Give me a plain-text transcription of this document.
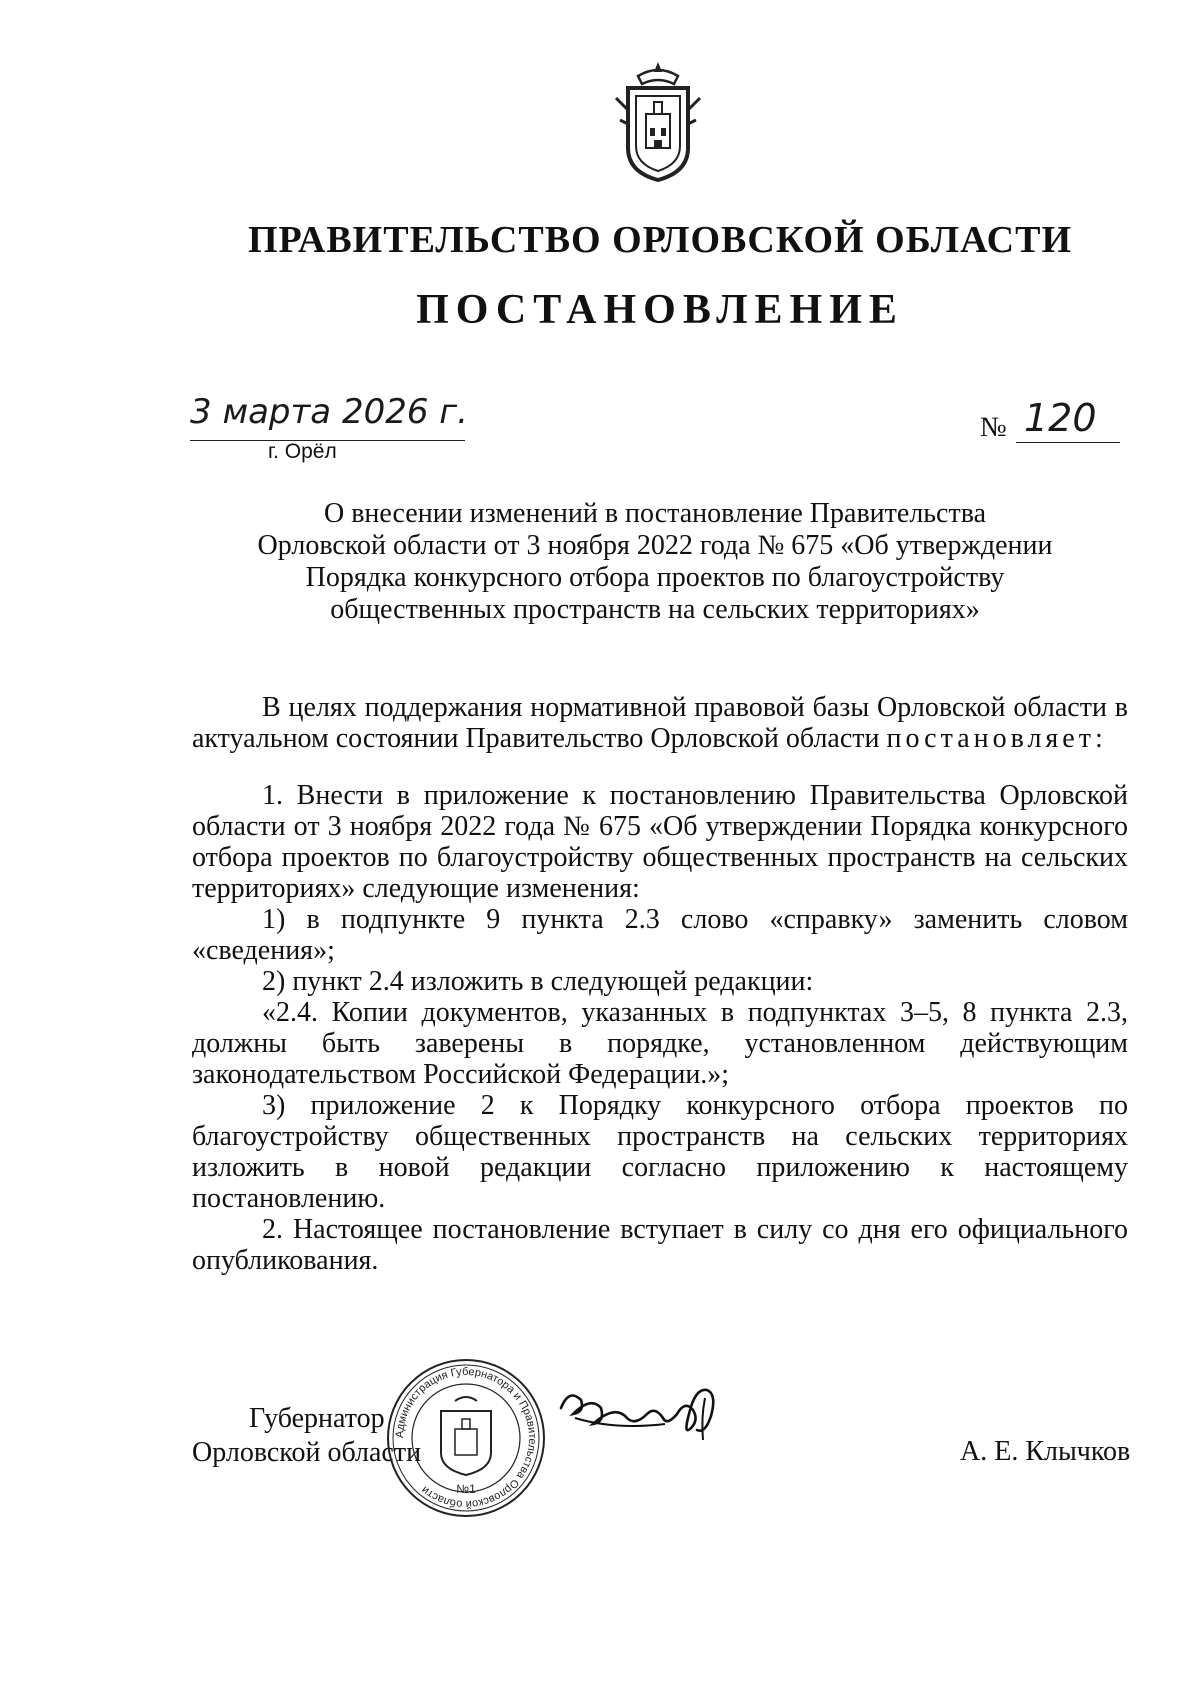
ПРАВИТЕЛЬСТВО ОРЛОВСКОЙ ОБЛАСТИ
ПОСТАНОВЛЕНИЕ
3 марта 2026 г.
г. Орёл
№ 120
О внесении изменений в постановление Правительства
Орловской области от 3 ноября 2022 года № 675 «Об утверждении
Порядка конкурсного отбора проектов по благоустройству
общественных пространств на сельских территориях»

В целях поддержания нормативной правовой базы Орловской области в актуальном состоянии Правительство Орловской области постановляет:

1. Внести в приложение к постановлению Правительства Орловской области от 3 ноября 2022 года № 675 «Об утверждении Порядка конкурсного отбора проектов по благоустройству общественных пространств на сельских территориях» следующие изменения:

1) в подпункте 9 пункта 2.3 слово «справку» заменить словом «сведения»;

2) пункт 2.4 изложить в следующей редакции:

«2.4. Копии документов, указанных в подпунктах 3–5, 8 пункта 2.3, должны быть заверены в порядке, установленном действующим законодательством Российской Федерации.»;

3) приложение 2 к Порядку конкурсного отбора проектов по благоустройству общественных пространств на сельских территориях изложить в новой редакции согласно приложению к настоящему постановлению.

2. Настоящее постановление вступает в силу со дня его официального опубликования.

Губернатор
Орловской области
Администрация Губернатора и Правительства Орловской области	№1
А. Е. Клычков
